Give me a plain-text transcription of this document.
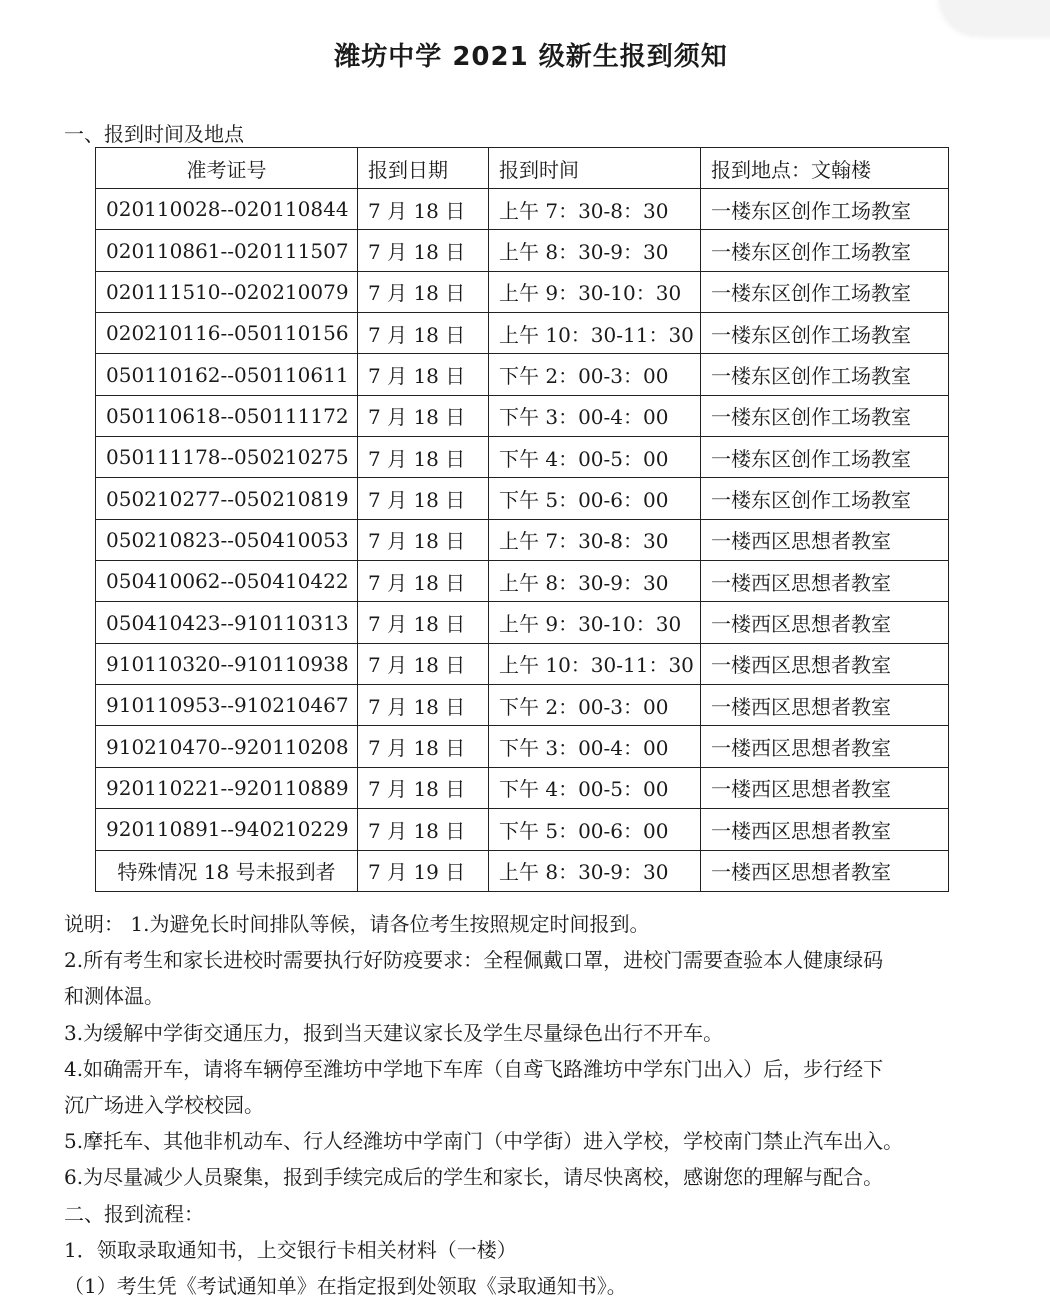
潍坊中学 2021 级新生报到须知
一、报到时间及地点
准考证号	报到日期	报到时间	报到地点：文翰楼
020110028--020110844	7 月 18 日	上午 7：30-8：30	一楼东区创作工场教室
020110861--020111507	7 月 18 日	上午 8：30-9：30	一楼东区创作工场教室
020111510--020210079	7 月 18 日	上午 9：30-10：30	一楼东区创作工场教室
020210116--050110156	7 月 18 日	上午 10：30-11：30	一楼东区创作工场教室
050110162--050110611	7 月 18 日	下午 2：00-3：00	一楼东区创作工场教室
050110618--050111172	7 月 18 日	下午 3：00-4：00	一楼东区创作工场教室
050111178--050210275	7 月 18 日	下午 4：00-5：00	一楼东区创作工场教室
050210277--050210819	7 月 18 日	下午 5：00-6：00	一楼东区创作工场教室
050210823--050410053	7 月 18 日	上午 7：30-8：30	一楼西区思想者教室
050410062--050410422	7 月 18 日	上午 8：30-9：30	一楼西区思想者教室
050410423--910110313	7 月 18 日	上午 9：30-10：30	一楼西区思想者教室
910110320--910110938	7 月 18 日	上午 10：30-11：30	一楼西区思想者教室
910110953--910210467	7 月 18 日	下午 2：00-3：00	一楼西区思想者教室
910210470--920110208	7 月 18 日	下午 3：00-4：00	一楼西区思想者教室
920110221--920110889	7 月 18 日	下午 4：00-5：00	一楼西区思想者教室
920110891--940210229	7 月 18 日	下午 5：00-6：00	一楼西区思想者教室
特殊情况 18 号未报到者	7 月 19 日	上午 8：30-9：30	一楼西区思想者教室

说明： 1.为避免长时间排队等候，请各位考生按照规定时间报到。

2.所有考生和家长进校时需要执行好防疫要求：全程佩戴口罩，进校门需要查验本人健康绿码

和测体温。

3.为缓解中学街交通压力，报到当天建议家长及学生尽量绿色出行不开车。

4.如确需开车，请将车辆停至潍坊中学地下车库（自鸢飞路潍坊中学东门出入）后，步行经下

沉广场进入学校校园。

5.摩托车、其他非机动车、行人经潍坊中学南门（中学街）进入学校，学校南门禁止汽车出入。

6.为尽量减少人员聚集，报到手续完成后的学生和家长，请尽快离校，感谢您的理解与配合。

二、报到流程：

1．领取录取通知书，上交银行卡相关材料（一楼）

（1）考生凭《考试通知单》在指定报到处领取《录取通知书》。
